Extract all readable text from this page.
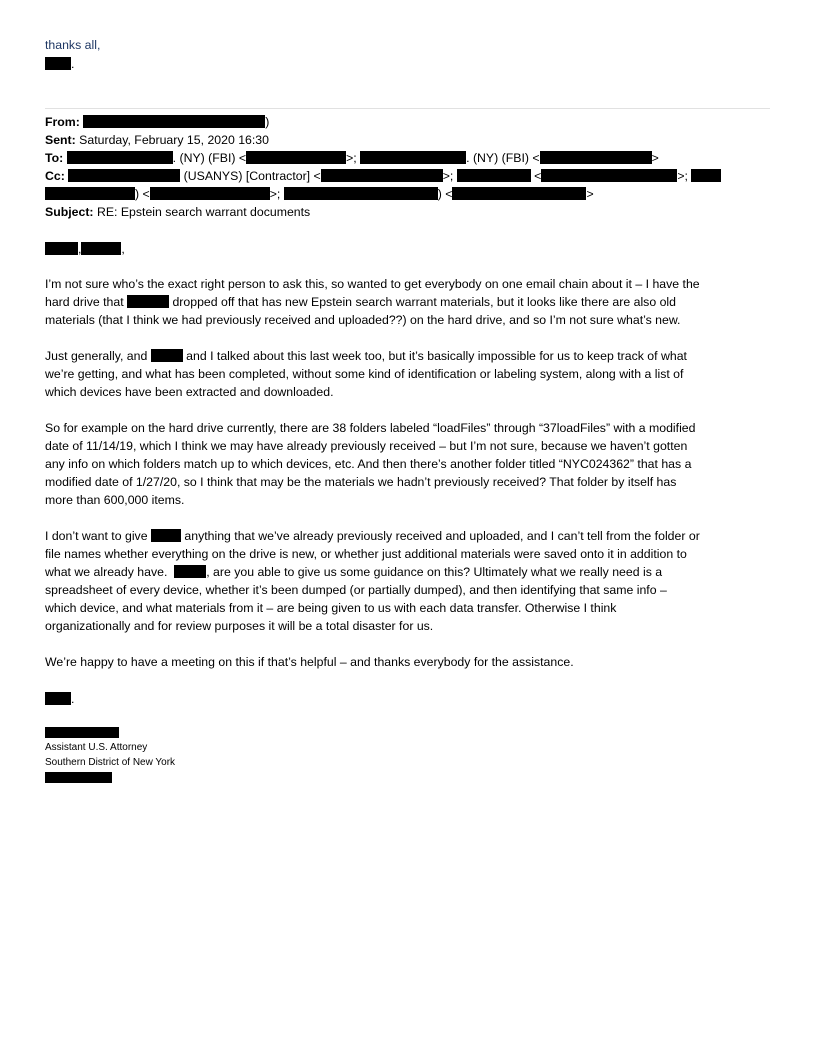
thanks all,
.
From:	)
Sent: Saturday, February 15, 2020 16:30
To:	. (NY) (FBI) <	>;	. (NY) (FBI) <	>
Cc:	(USANYS) [Contractor] <	>;	<	>;
) <	>;	) <	>
Subject: RE: Epstein search warrant documents
,	,
I’m not sure who’s the exact right person to ask this, so wanted to get everybody on one email chain about it – I have the
hard drive that	dropped off that has new Epstein search warrant materials, but it looks like there are also old
materials (that I think we had previously received and uploaded??) on the hard drive, and so I’m not sure what’s new.
Just generally, and	and I talked about this last week too, but it’s basically impossible for us to keep track of what
we’re getting, and what has been completed, without some kind of identification or labeling system, along with a list of
which devices have been extracted and downloaded.
So for example on the hard drive currently, there are 38 folders labeled “loadFiles” through “37loadFiles” with a modified
date of 11/14/19, which I think we may have already previously received – but I’m not sure, because we haven’t gotten
any info on which folders match up to which devices, etc. And then there’s another folder titled “NYC024362” that has a
modified date of 1/27/20, so I think that may be the materials we hadn’t previously received? That folder by itself has
more than 600,000 items.
I don’t want to give	anything that we’ve already previously received and uploaded, and I can’t tell from the folder or
file names whether everything on the drive is new, or whether just additional materials were saved onto it in addition to
what we already have.	, are you able to give us some guidance on this? Ultimately what we really need is a
spreadsheet of every device, whether it’s been dumped (or partially dumped), and then identifying that same info –
which device, and what materials from it – are being given to us with each data transfer. Otherwise I think
organizationally and for review purposes it will be a total disaster for us.
We’re happy to have a meeting on this if that’s helpful – and thanks everybody for the assistance.
.
Assistant U.S. Attorney
Southern District of New York
